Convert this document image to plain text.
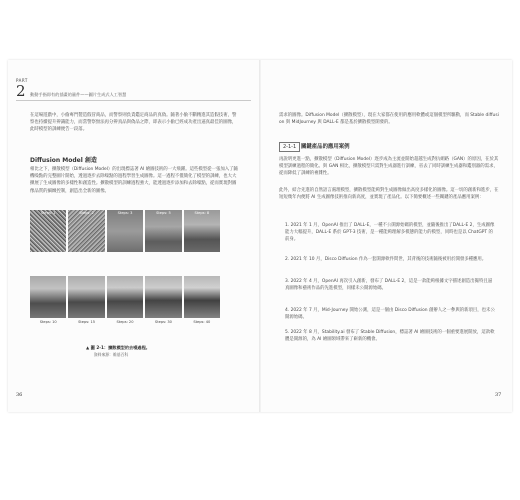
PART
2 動動手指即有的插畫的量件——圖片生成式人工智慧
在這場遊戲中，小偷專門製造假冒商品，而警察則負責鑑定商品的真偽。隨著小偷不斷精進其造假技術，警察也持續提升辨識能力，而當警察無法再分辨真品與偽品之際，即表示小偷已經成功產出逼真最佳的圖像，此時模型的訓練便告一段落。
Diffusion Model 創造
相比之下，擴散模型（Diffusion Model）的出現標誌著 AI 繪圖技術的一大飛躍。這些模型從一張加入了隨機噪點的完整圖片開始，透過逐步去除噪點的過程學習生成圖像。這一過程不僅簡化了模型的訓練，也大大擴展了生成圖像的多樣性和創造性。擴散模型的訓練過程強大，能透過逐步添加和去除噪點，從而實現對圖像品質的細緻控制，創造出全新的圖像。
Steps: 1	Steps: 2	Steps: 3	Steps: 5	Steps: 8
Steps: 10	Steps: 15	Steps: 20	Steps: 30	Steps: 40
▲ 圖 2-1：擴散模型的去噪過程。
資料來源：維基百科
36
需求的圖像。Diffusion Model（擴散模型），現在大家都在使用的應用軟體或這個模型所驅動，而 Stable diffusion 與 MidJourney 與 DALL-E 都是基於擴散模型開發的。
2-1-1 關鍵產品的應用案例
再說明更進一點，擴散模型（Diffusion Model）逐步成為主流並開始超越生成對抗網路（GAN）的原因，在於其模型訓練過程的簡化。與 GAN 相比，擴散模型只需對生成器進行訓練，省去了同時訓練生成器和鑑別器的需求，從而降低了訓練的複雜性。
此外，結合先進的自然語言處理模型，擴散模型能夠對生成圖像做出高度多樣化的圖像。這一切的創新和進步，在短短幾年內便將 AI 生成圖像技術推向新高度，並實現了產品化。以下簡要概述一些關鍵的產品應用案例：
1. 2021 年 1 月，OpenAI 推出了 DALL-E，一種不公開源始碼的模型，並隨後推出了DALL-E 2，生成圖像能力大幅提升，DALL-E 系於 GPT-3 技術，是一種能夠理解多模態的能力的模型，同時也是以 ChatGPT 的前身。
2. 2021 年 10 月，Disco Diffusion 作為一套開源軟件問世，其背後的技術隨後被用於開發多種應用。
3. 2022 年 4 月，OpenAI 再次引入創新，發布了 DALL-E 2，這是一款能夠根據文字描述創造出獨特且逼真圖像和藝術作品的先進模型，同樣未公開源始碼。
4. 2022 年 7 月，Mid-Journey 開始公測，這是一個由 Disco Diffusion 創辦人之一參與的新項目，也未公開源始碼。
5. 2022 年 8 月，Stability.ai 發布了 Stable Diffusion，標誌著 AI 繪圖技術的一個重要進展開放，這款軟體是開源的，為 AI 繪圖領域帶來了嶄新的機會。
37
